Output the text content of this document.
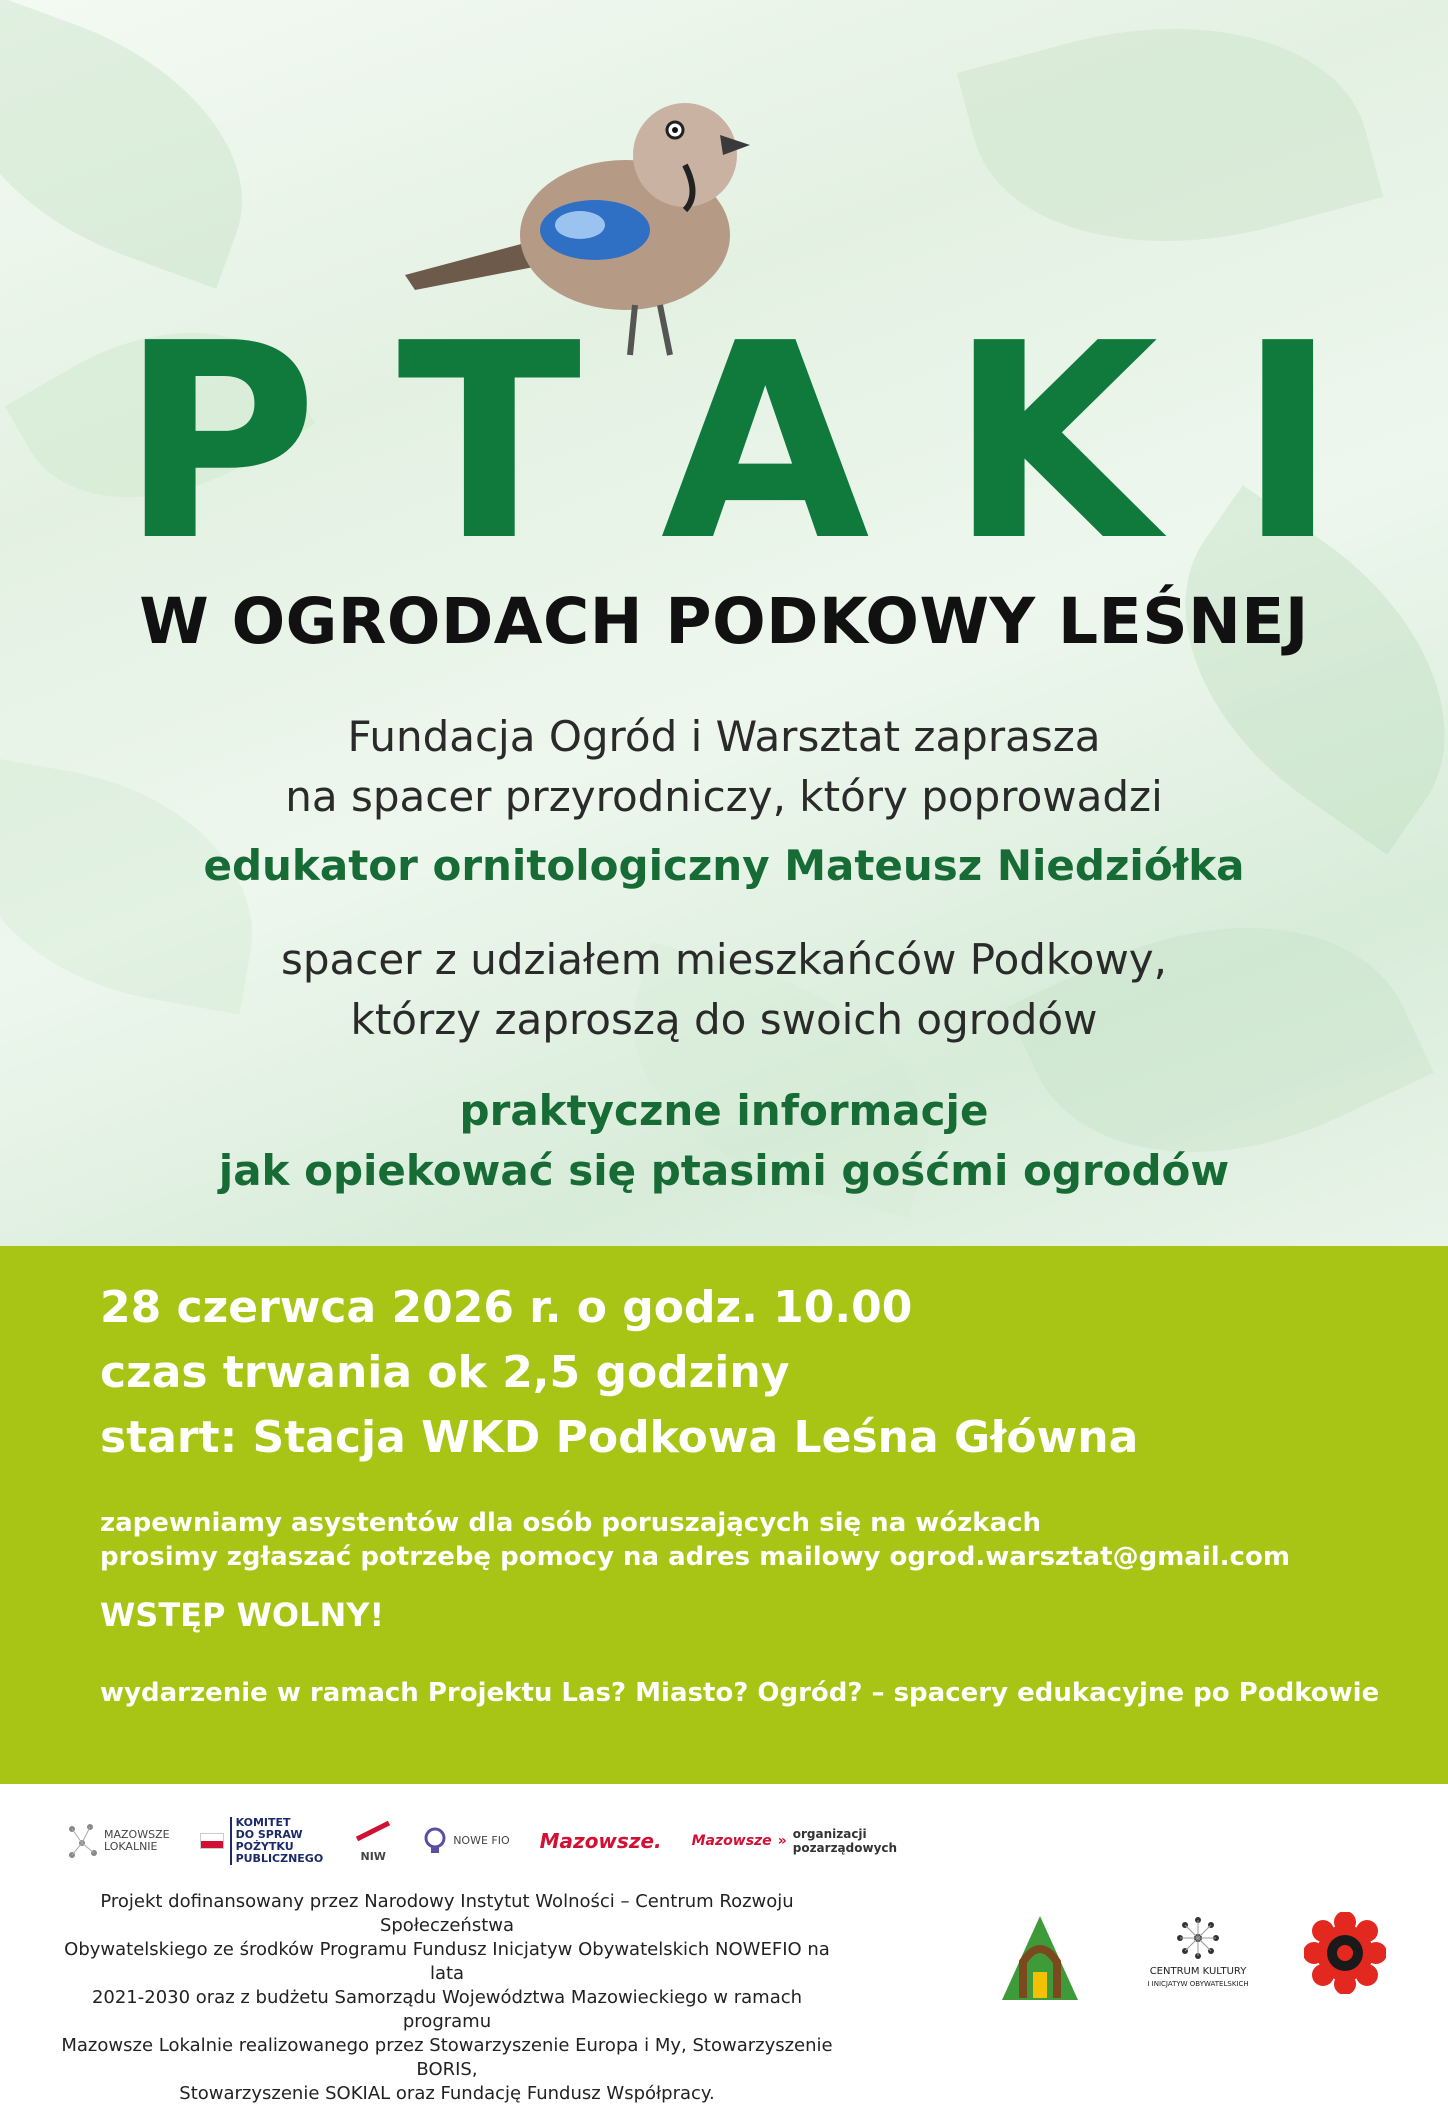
P T A K I
W OGRODACH PODKOWY LEŚNEJ
Fundacja Ogród i Warsztat zaprasza
na spacer przyrodniczy, który poprowadzi
edukator ornitologiczny Mateusz Niedziółka
spacer z udziałem mieszkańców Podkowy,
którzy zaproszą do swoich ogrodów
praktyczne informacje
jak opiekować się ptasimi gośćmi ogrodów
28 czerwca 2026 r. o godz. 10.00
czas trwania ok 2,5 godziny
start: Stacja WKD Podkowa Leśna Główna
zapewniamy asystentów dla osób poruszających się na wózkach
prosimy zgłaszać potrzebę pomocy na adres mailowy ogrod.warsztat@gmail.com
WSTĘP WOLNY!
wydarzenie w ramach Projektu Las? Miasto? Ogród? – spacery edukacyjne po Podkowie
MAZOWSZE
LOKALNIE
KOMITET
DO SPRAW
POŻYTKU
PUBLICZNEGO	NIW
NOWE FIO Mazowsze. Mazowsze » organizacji
pozarządowych
Projekt dofinansowany przez Narodowy Instytut Wolności – Centrum Rozwoju Społeczeństwa
Obywatelskiego ze środków Programu Fundusz Inicjatyw Obywatelskich NOWEFIO na lata
2021-2030 oraz z budżetu Samorządu Województwa Mazowieckiego w ramach programu
Mazowsze Lokalnie realizowanego przez Stowarzyszenie Europa i My, Stowarzyszenie BORIS,
Stowarzyszenie SOKIAL oraz Fundację Fundusz Współpracy.
CENTRUM KULTURY
I INICJATYW OBYWATELSKICH
